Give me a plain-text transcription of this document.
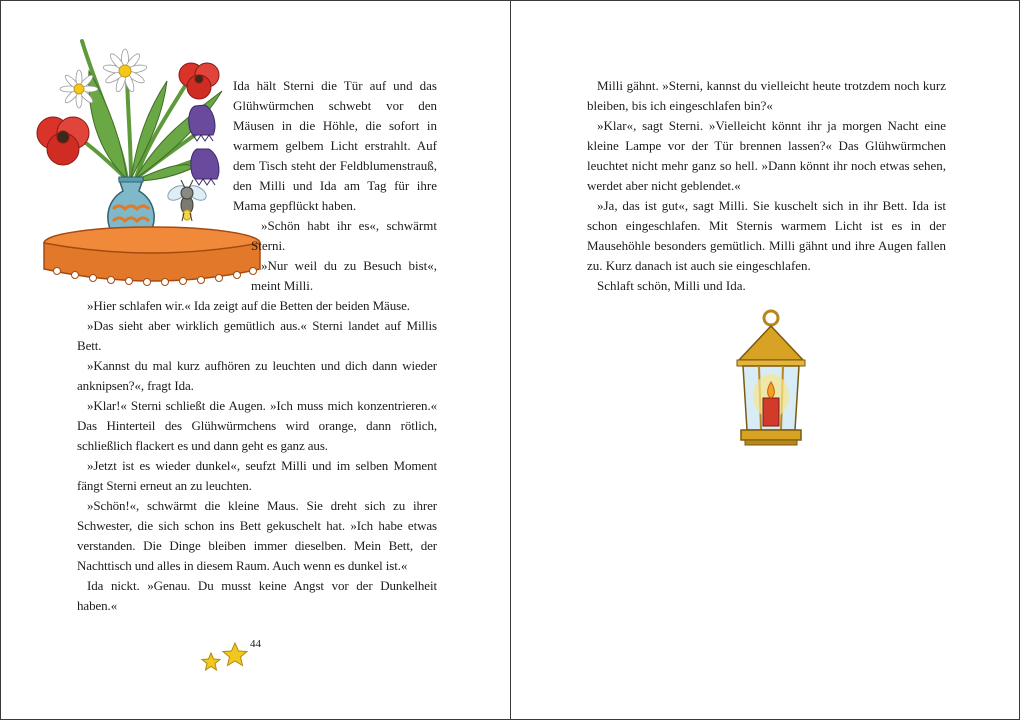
Ida hält Sterni die Tür auf und das Glühwürmchen schwebt vor den Mäusen in die Höhle, die sofort in warmem gelbem Licht erstrahlt. Auf dem Tisch steht der Feldblumenstrauß, den Milli und Ida am Tag für ihre Mama gepflückt haben.

»Schön habt ihr es«, schwärmt Sterni.

»Nur weil du zu Besuch bist«, meint Milli.

»Hier schlafen wir.« Ida zeigt auf die Betten der beiden Mäuse.

»Das sieht aber wirklich gemütlich aus.« Sterni landet auf Millis Bett.

»Kannst du mal kurz aufhören zu leuchten und dich dann wieder anknipsen?«, fragt Ida.

»Klar!« Sterni schließt die Augen. »Ich muss mich konzentrieren.« Das Hinterteil des Glühwürmchens wird orange, dann rötlich, schließlich flackert es und dann geht es ganz aus.

»Jetzt ist es wieder dunkel«, seufzt Milli und im selben Moment fängt Sterni erneut an zu leuchten.

»Schön!«, schwärmt die kleine Maus. Sie dreht sich zu ihrer Schwester, die sich schon ins Bett gekuschelt hat. »Ich habe etwas verstanden. Die Dinge bleiben immer dieselben. Mein Bett, der Nachttisch und alles in diesem Raum. Auch wenn es dunkel ist.«

Ida nickt. »Genau. Du musst keine Angst vor der Dunkelheit haben.«

44

Milli gähnt. »Sterni, kannst du vielleicht heute trotzdem noch kurz bleiben, bis ich eingeschlafen bin?«

»Klar«, sagt Sterni. »Vielleicht könnt ihr ja morgen Nacht eine kleine Lampe vor der Tür brennen lassen?« Das Glühwürmchen leuchtet nicht mehr ganz so hell. »Dann könnt ihr noch etwas sehen, werdet aber nicht geblendet.«

»Ja, das ist gut«, sagt Milli. Sie kuschelt sich in ihr Bett. Ida ist schon eingeschlafen. Mit Sternis warmem Licht ist es in der Mausehöhle besonders gemütlich. Milli gähnt und ihre Augen fallen zu. Kurz danach ist auch sie eingeschlafen.

Schlaft schön, Milli und Ida.
